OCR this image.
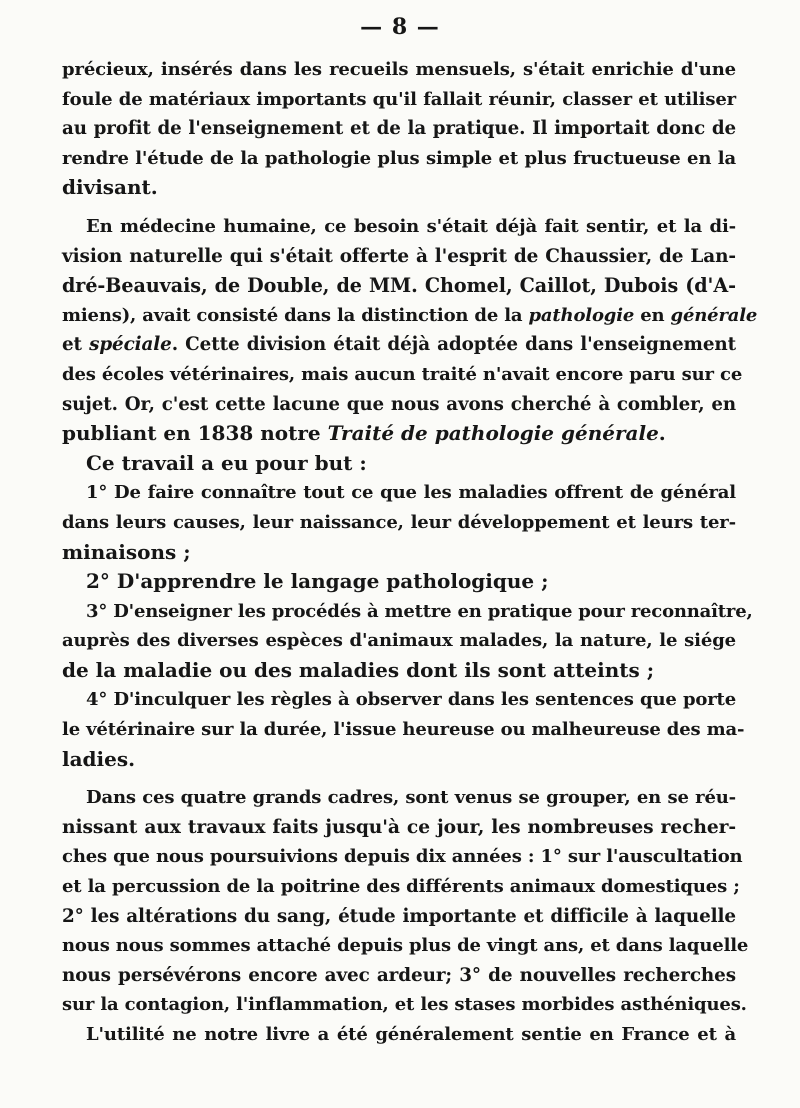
— 8 —

précieux, insérés dans les recueils mensuels, s'était enrichie d'une
foule de matériaux importants qu'il fallait réunir, classer et utiliser
au profit de l'enseignement et de la pratique. Il importait donc de
rendre l'étude de la pathologie plus simple et plus fructueuse en la
divisant.

En médecine humaine, ce besoin s'était déjà fait sentir, et la di-
vision naturelle qui s'était offerte à l'esprit de Chaussier, de Lan-
dré-Beauvais, de Double, de MM. Chomel, Caillot, Dubois (d'A-
miens), avait consisté dans la distinction de la pathologie en générale
et spéciale. Cette division était déjà adoptée dans l'enseignement
des écoles vétérinaires, mais aucun traité n'avait encore paru sur ce
sujet. Or, c'est cette lacune que nous avons cherché à combler, en
publiant en 1838 notre Traité de pathologie générale.

Ce travail a eu pour but :

1° De faire connaître tout ce que les maladies offrent de général
dans leurs causes, leur naissance, leur développement et leurs ter-
minaisons ;

2° D'apprendre le langage pathologique ;

3° D'enseigner les procédés à mettre en pratique pour reconnaître,
auprès des diverses espèces d'animaux malades, la nature, le siége
de la maladie ou des maladies dont ils sont atteints ;

4° D'inculquer les règles à observer dans les sentences que porte
le vétérinaire sur la durée, l'issue heureuse ou malheureuse des ma-
ladies.

Dans ces quatre grands cadres, sont venus se grouper, en se réu-
nissant aux travaux faits jusqu'à ce jour, les nombreuses recher-
ches que nous poursuivions depuis dix années : 1° sur l'auscultation
et la percussion de la poitrine des différents animaux domestiques ;
2° les altérations du sang, étude importante et difficile à laquelle
nous nous sommes attaché depuis plus de vingt ans, et dans laquelle
nous persévérons encore avec ardeur; 3° de nouvelles recherches
sur la contagion, l'inflammation, et les stases morbides asthéniques.

L'utilité ne notre livre a été généralement sentie en France et à
